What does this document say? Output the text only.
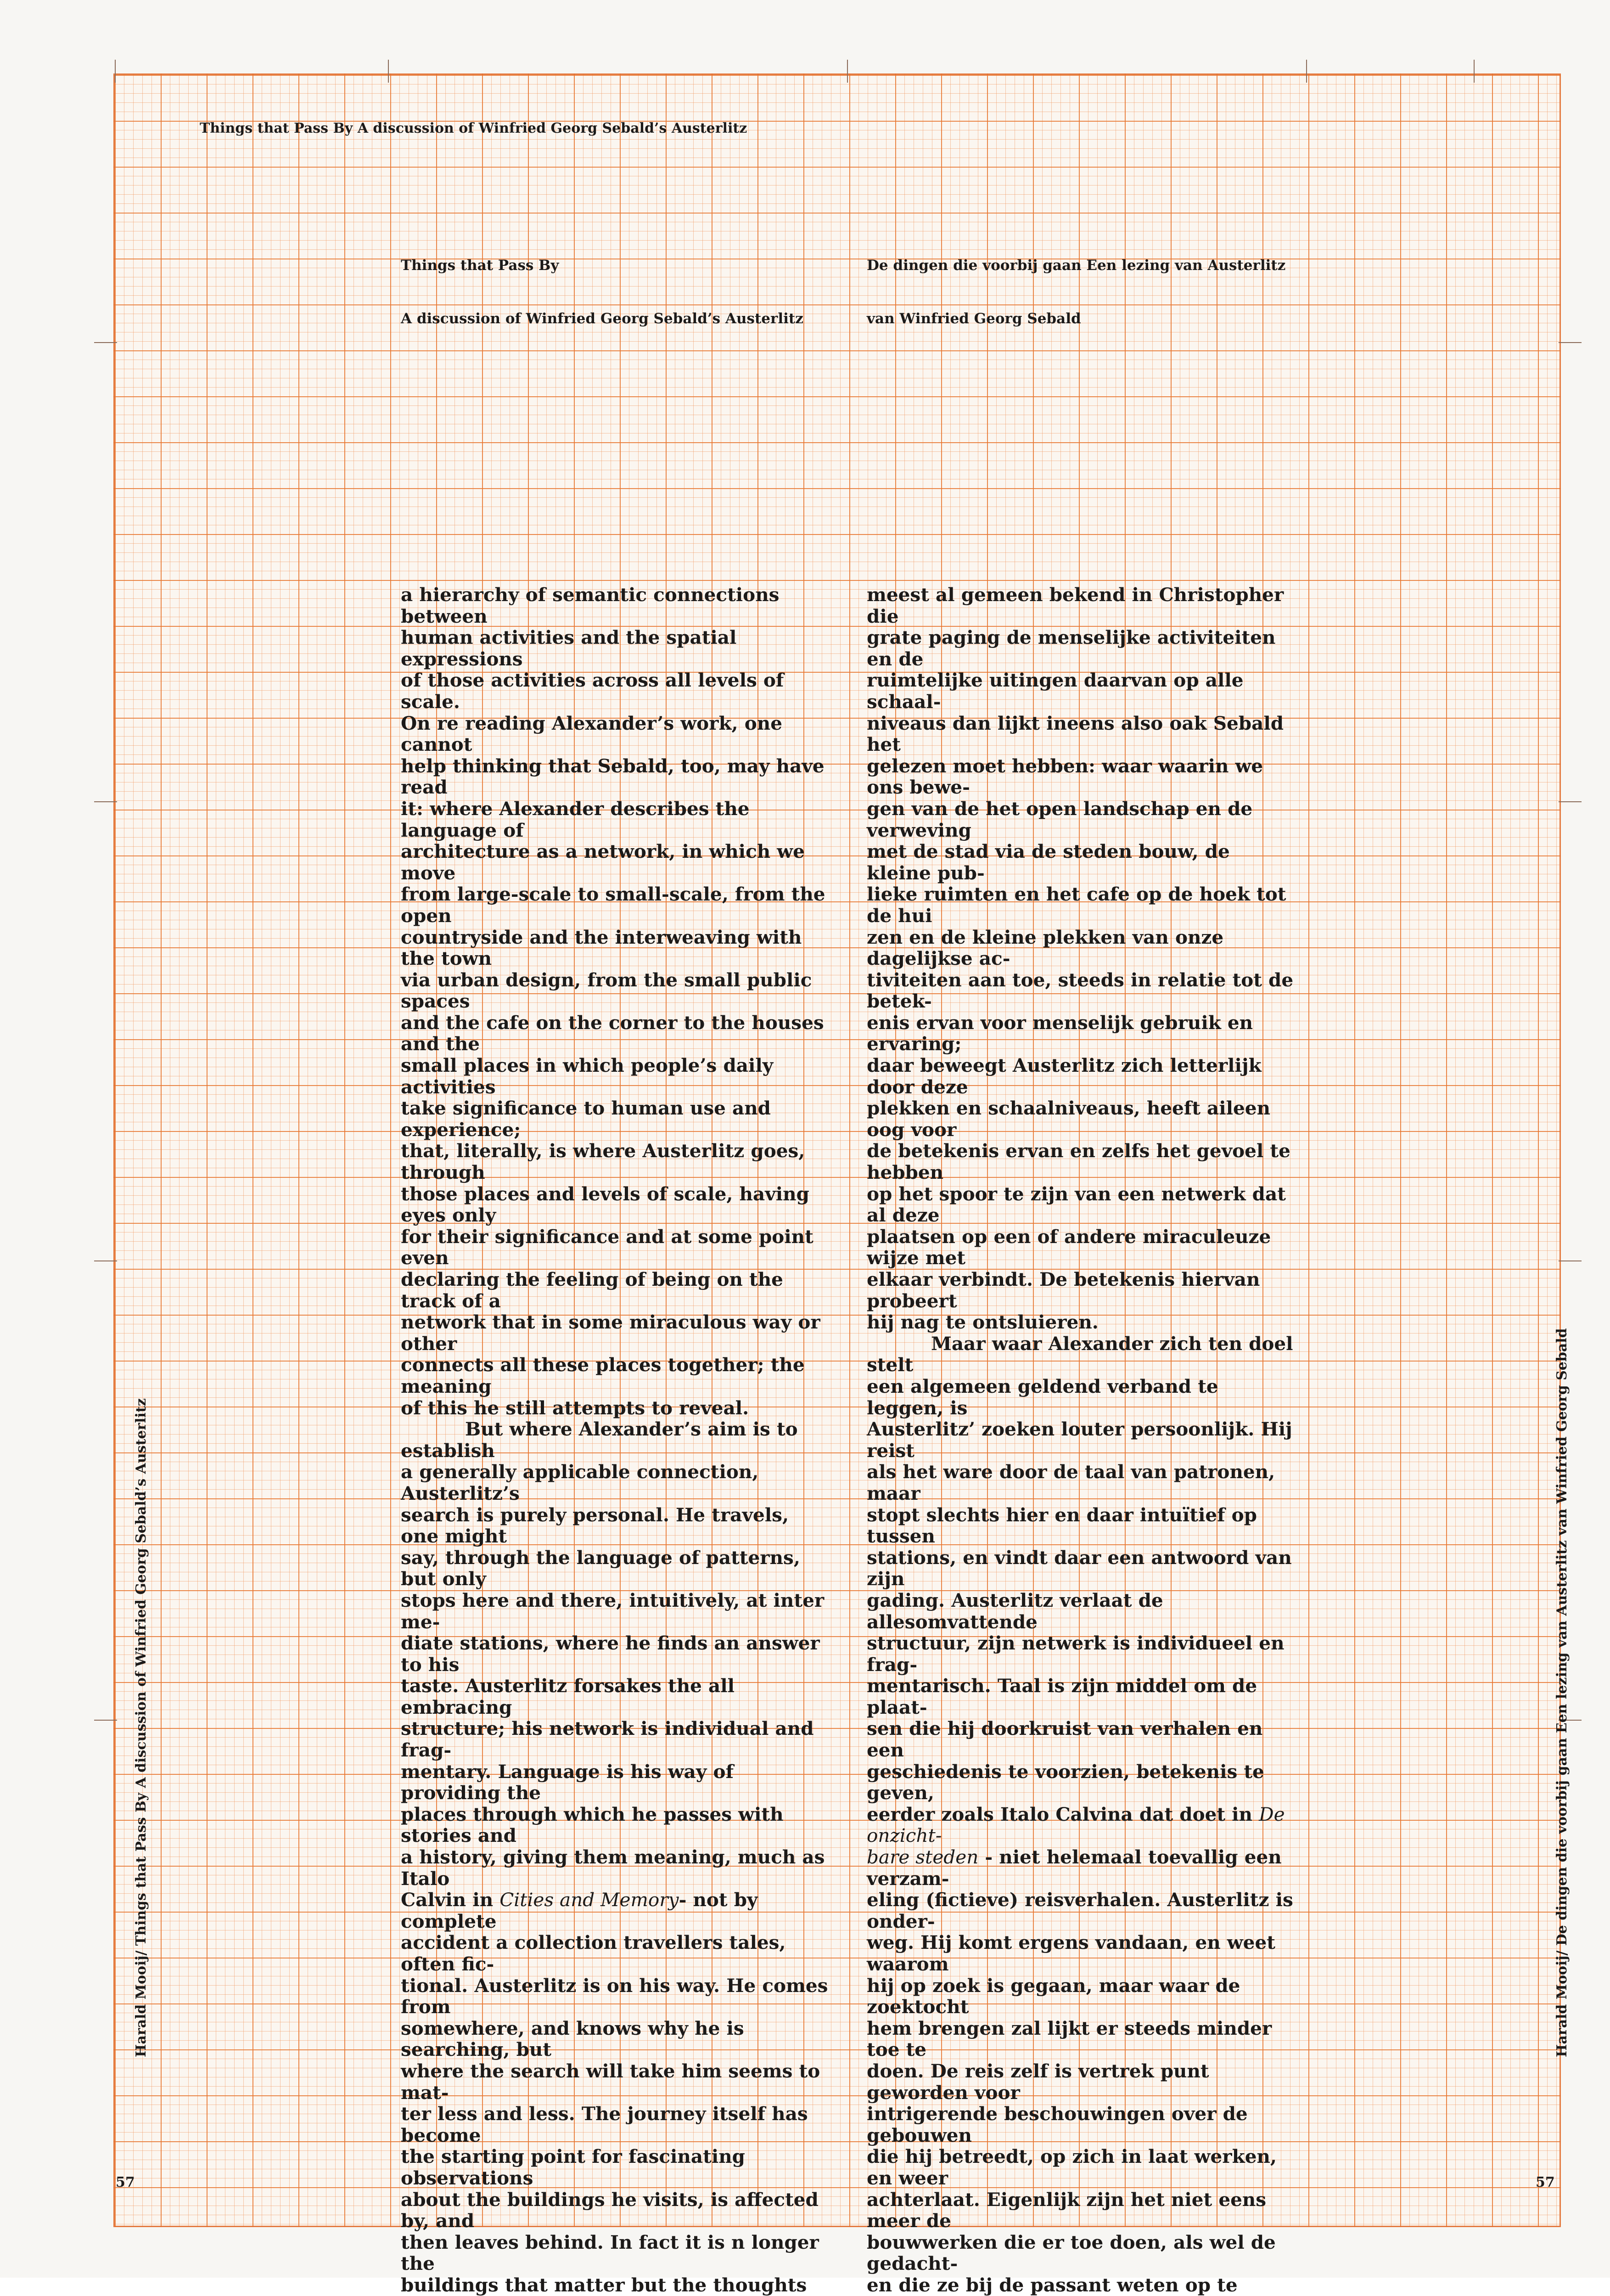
Things that Pass By A discussion of Winfried Georg Sebald’s Austerlitz
Things that Pass By
A discussion of Winfried Georg Sebald’s Austerlitz
De dingen die voorbij gaan Een lezing van Austerlitz
van Winfried Georg Sebald

a hierarchy of semantic connections between
human activities and the spatial expressions
of those activities across all levels of scale.
On re reading Alexander’s work, one cannot
help thinking that Sebald, too, may have read
it: where Alexander describes the language of
architecture as a network, in which we move
from large-scale to small-scale, from the open
countryside and the interweaving with the town
via urban design, from the small public spaces
and the cafe on the corner to the houses and the
small places in which people’s daily activities
take significance to human use and experience;
that, literally, is where Austerlitz goes, through
those places and levels of scale, having eyes only
for their significance and at some point even
declaring the feeling of being on the track of a
network that in some miraculous way or other
connects all these places together; the meaning
of this he still attempts to reveal.

But where Alexander’s aim is to establish
a generally applicable connection, Austerlitz’s
search is purely personal. He travels, one might
say, through the language of patterns, but only
stops here and there, intuitively, at inter me-
diate stations, where he finds an answer to his
taste. Austerlitz forsakes the all embracing
structure; his network is individual and frag-
mentary. Language is his way of providing the
places through which he passes with stories and
a history, giving them meaning, much as Italo
Calvin in Cities and Memory- not by complete
accident a collection travellers tales, often fic-
tional. Austerlitz is on his way. He comes from
somewhere, and knows why he is searching, but
where the search will take him seems to mat-
ter less and less. The journey itself has become
the starting point for fascinating observations
about the buildings he visits, is affected by, and
then leaves behind. In fact it is n longer the
buildings that matter but the thoughts

meest al gemeen bekend in Christopher die
grate paging de menselijke activiteiten en de
ruimtelijke uitingen daarvan op alle schaal-
niveaus dan lijkt ineens also oak Sebald het
gelezen moet hebben: waar waarin we ons bewe-
gen van de het open landschap en de verweving
met de stad via de steden bouw, de kleine pub-
lieke ruimten en het cafe op de hoek tot de hui
zen en de kleine plekken van onze dagelijkse ac-
tiviteiten aan toe, steeds in relatie tot de betek-
enis ervan voor menselijk gebruik en ervaring;
daar beweegt Austerlitz zich letterlijk door deze
plekken en schaalniveaus, heeft aileen oog voor
de betekenis ervan en zelfs het gevoel te hebben
op het spoor te zijn van een netwerk dat al deze
plaatsen op een of andere miraculeuze wijze met
elkaar verbindt. De betekenis hiervan probeert
hij nag te ontsluieren.

Maar waar Alexander zich ten doel stelt
een algemeen geldend verband te leggen, is
Austerlitz’ zoeken louter persoonlijk. Hij reist
als het ware door de taal van patronen, maar
stopt slechts hier en daar intuïtief op tussen
stations, en vindt daar een antwoord van zijn
gading. Austerlitz verlaat de allesomvattende
structuur, zijn netwerk is individueel en frag-
mentarisch. Taal is zijn middel om de plaat-
sen die hij doorkruist van verhalen en een
geschiedenis te voorzien, betekenis te geven,
eerder zoals Italo Calvina dat doet in De onzicht-
bare steden - niet helemaal toevallig een verzam-
eling (fictieve) reisverhalen. Austerlitz is onder-
weg. Hij komt ergens vandaan, en weet waarom
hij op zoek is gegaan, maar waar de zoektocht
hem brengen zal lijkt er steeds minder toe te
doen. De reis zelf is vertrek punt geworden voor
intrigerende beschouwingen over de gebouwen
die hij betreedt, op zich in laat werken, en weer
achterlaat. Eigenlijk zijn het niet eens meer de
bouwwerken die er toe doen, als wel de gedacht-
en die ze bij de passant weten op te

Harald Mooij/ Things that Pass By A discussion of Winfried Georg Sebald’s Austerlitz	Harald Mooij/ De dingen die voorbij gaan Een lezing van Austerlitz van Winfried Georg Sebald
57	57
